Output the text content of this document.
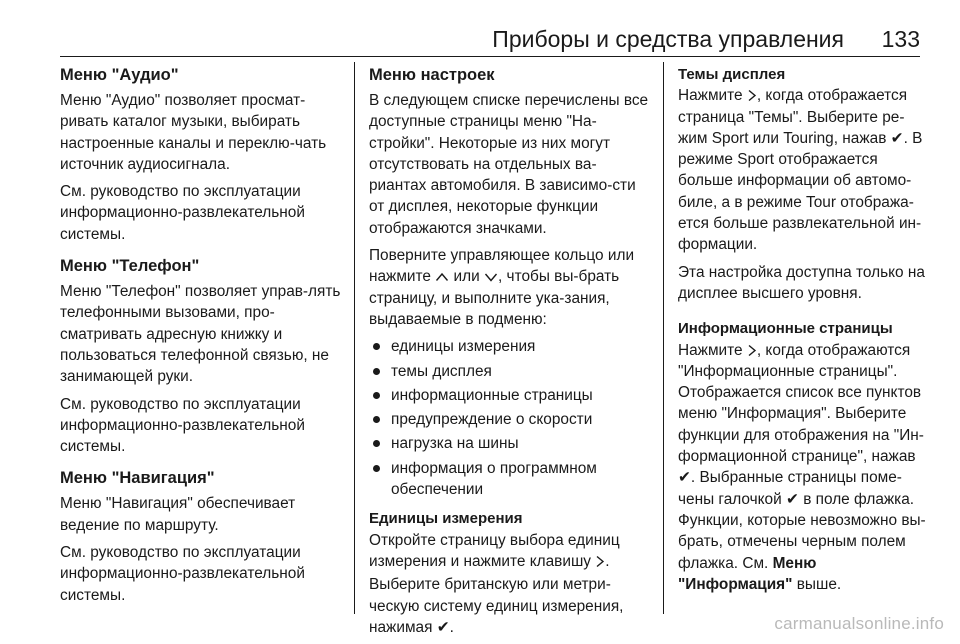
Приборы и средства управления 133
Меню "Аудио"

Меню "Аудио" позволяет просмат-ривать каталог музыки, выбирать настроенные каналы и переклю-чать источник аудиосигнала.

См. руководство по эксплуатации информационно-развлекательной системы.

Меню "Телефон"

Меню "Телефон" позволяет управ-лять телефонными вызовами, про-сматривать адресную книжку и пользоваться телефонной связью, не занимающей руки.

См. руководство по эксплуатации информационно-развлекательной системы.

Меню "Навигация"

Меню "Навигация" обеспечивает ведение по маршруту.

См. руководство по эксплуатации информационно-развлекательной системы.

Меню настроек

В следующем списке перечислены все доступные страницы меню "На-стройки". Некоторые из них могут отсутствовать на отдельных ва-риантах автомобиля. В зависимо-сти от дисплея, некоторые функции отображаются значками.

Поверните управляющее кольцо или нажмите или , чтобы вы-брать страницу, и выполните ука-зания, выдаваемые в подменю:

единицы измерения
темы дисплея
информационные страницы
предупреждение о скорости
нагрузка на шины
информация о программном обеспечении
Единицы измерения

Откройте страницу выбора единиц измерения и нажмите клавишу .

Выберите британскую или метри-ческую систему единиц измерения, нажимая ✔.

Темы дисплея

Нажмите , когда отображается страница "Темы". Выберите ре-жим Sport или Touring, нажав ✔. В режиме Sport отображается больше информации об автомо-биле, а в режиме Tour отобража-ется больше развлекательной ин-формации.

Эта настройка доступна только на дисплее высшего уровня.

Информационные страницы

Нажмите , когда отображаются "Информационные страницы". Отображается список все пунктов меню "Информация". Выберите функции для отображения на "Ин-формационной странице", нажав ✔. Выбранные страницы поме-чены галочкой ✔ в поле флажка. Функции, которые невозможно вы-брать, отмечены черным полем флажка. См. Меню "Информация" выше.

carmanualsonline.info
